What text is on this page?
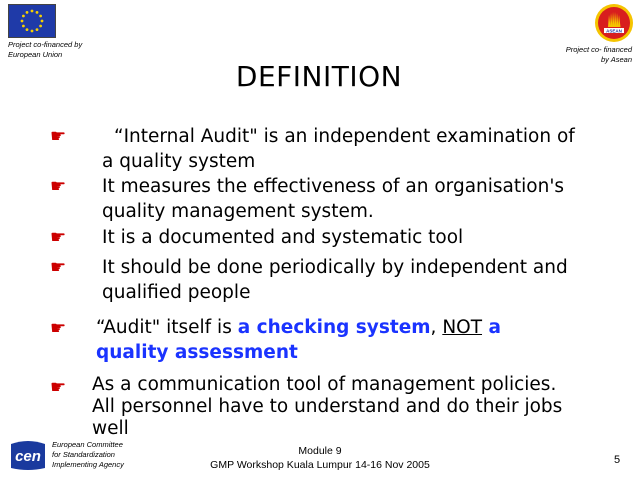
Project co-financed by
European Union
ASEAN
Project co- financed
by Asean
DEFINITION
☛	“Internal Audit" is an independent examination of
a quality system
☛ It measures the effectiveness of an organisation's
quality management system.
☛ It is a documented and systematic tool
☛ It should be done periodically by independent and
qualified people
☛ “Audit" itself is a checking system, NOT a
quality assessment
☛ As a communication tool of management policies.
All personnel have to understand and do their jobs
well
cen
European Committee
for Standardization
Implementing Agency
Module 9
GMP Workshop Kuala Lumpur 14-16 Nov 2005	5
